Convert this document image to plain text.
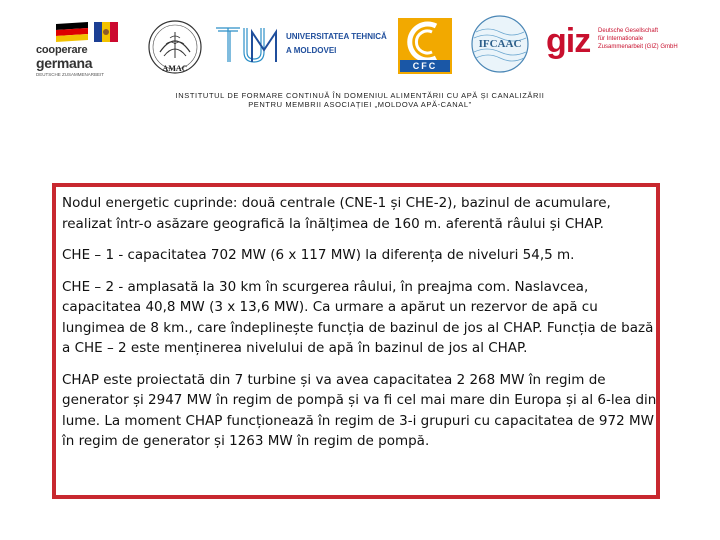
cooperare
germana
DEUTSCHE ZUSAMMENARBEIT
AMAC
UNIVERSITATEA TEHNICĂ
A MOLDOVEI
CFC
IFCAAC giz Deutsche Gesellschaft
für Internationale
Zusammenarbeit (GIZ) GmbH
INSTITUTUL DE FORMARE CONTINUĂ ÎN DOMENIUL ALIMENTĂRII CU APĂ ȘI CANALIZĂRII
PENTRU MEMBRII ASOCIAȚIEI „MOLDOVA APĂ-CANAL”

Nodul energetic cuprinde: două centrale (CNE-1 și CHE-2), bazinul de acumulare, realizat într-o asăzare geografică la înălțimea de 160 m. aferentă râului și CHAP.

CHE – 1 - capacitatea 702 MW (6 x 117 MW) la diferența de niveluri 54,5 m.

CHE – 2 - amplasată la 30 km în scurgerea râului, în preajma com. Naslavcea, capacitatea 40,8 MW (3 x 13,6 MW). Ca urmare a apărut un rezervor de apă cu lungimea de 8 km., care îndeplinește funcția de bazinul de jos al CHAP. Funcția de bază a CHE – 2 este menținerea nivelului de apă în bazinul de jos al CHAP.

CHAP este proiectată din 7 turbine și va avea capacitatea 2 268 MW în regim de generator și 2947 MW în regim de pompă și va fi cel mai mare din Europa și al 6-lea din lume. La moment CHAP funcționează în regim de 3-i grupuri cu capacitatea de 972 MW în regim de generator și 1263 MW în regim de pompă.
